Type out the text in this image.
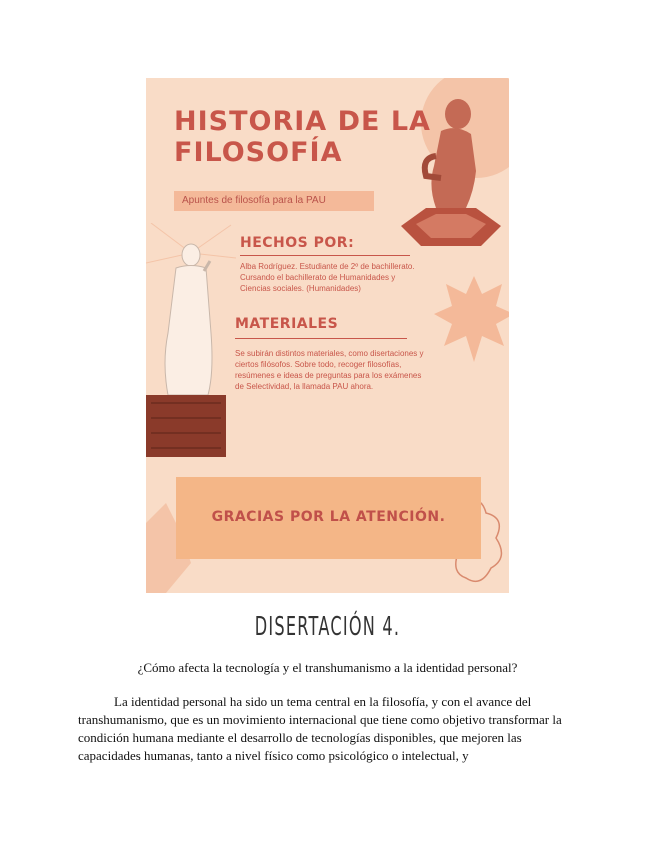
HISTORIA DE LA
FILOSOFÍA
Apuntes de filosofía para la PAU
HECHOS POR:
Alba Rodríguez. Estudiante de 2º de bachillerato. Cursando el bachillerato de Humanidades y Ciencias sociales. (Humanidades)
MATERIALES
Se subirán distintos materiales, como disertaciones y ciertos filósofos. Sobre todo, recoger filosofías, resúmenes e ideas de preguntas para los exámenes de Selectividad, la llamada PAU ahora.
GRACIAS POR LA ATENCIÓN.
DISERTACIÓN 4.
¿Cómo afecta la tecnología y el transhumanismo a la identidad personal?

La identidad personal ha sido un tema central en la filosofía, y con el avance del transhumanismo, que es un movimiento internacional que tiene como objetivo transformar la condición humana mediante el desarrollo de tecnologías disponibles, que mejoren las capacidades humanas, tanto a nivel físico como psicológico o intelectual, y
